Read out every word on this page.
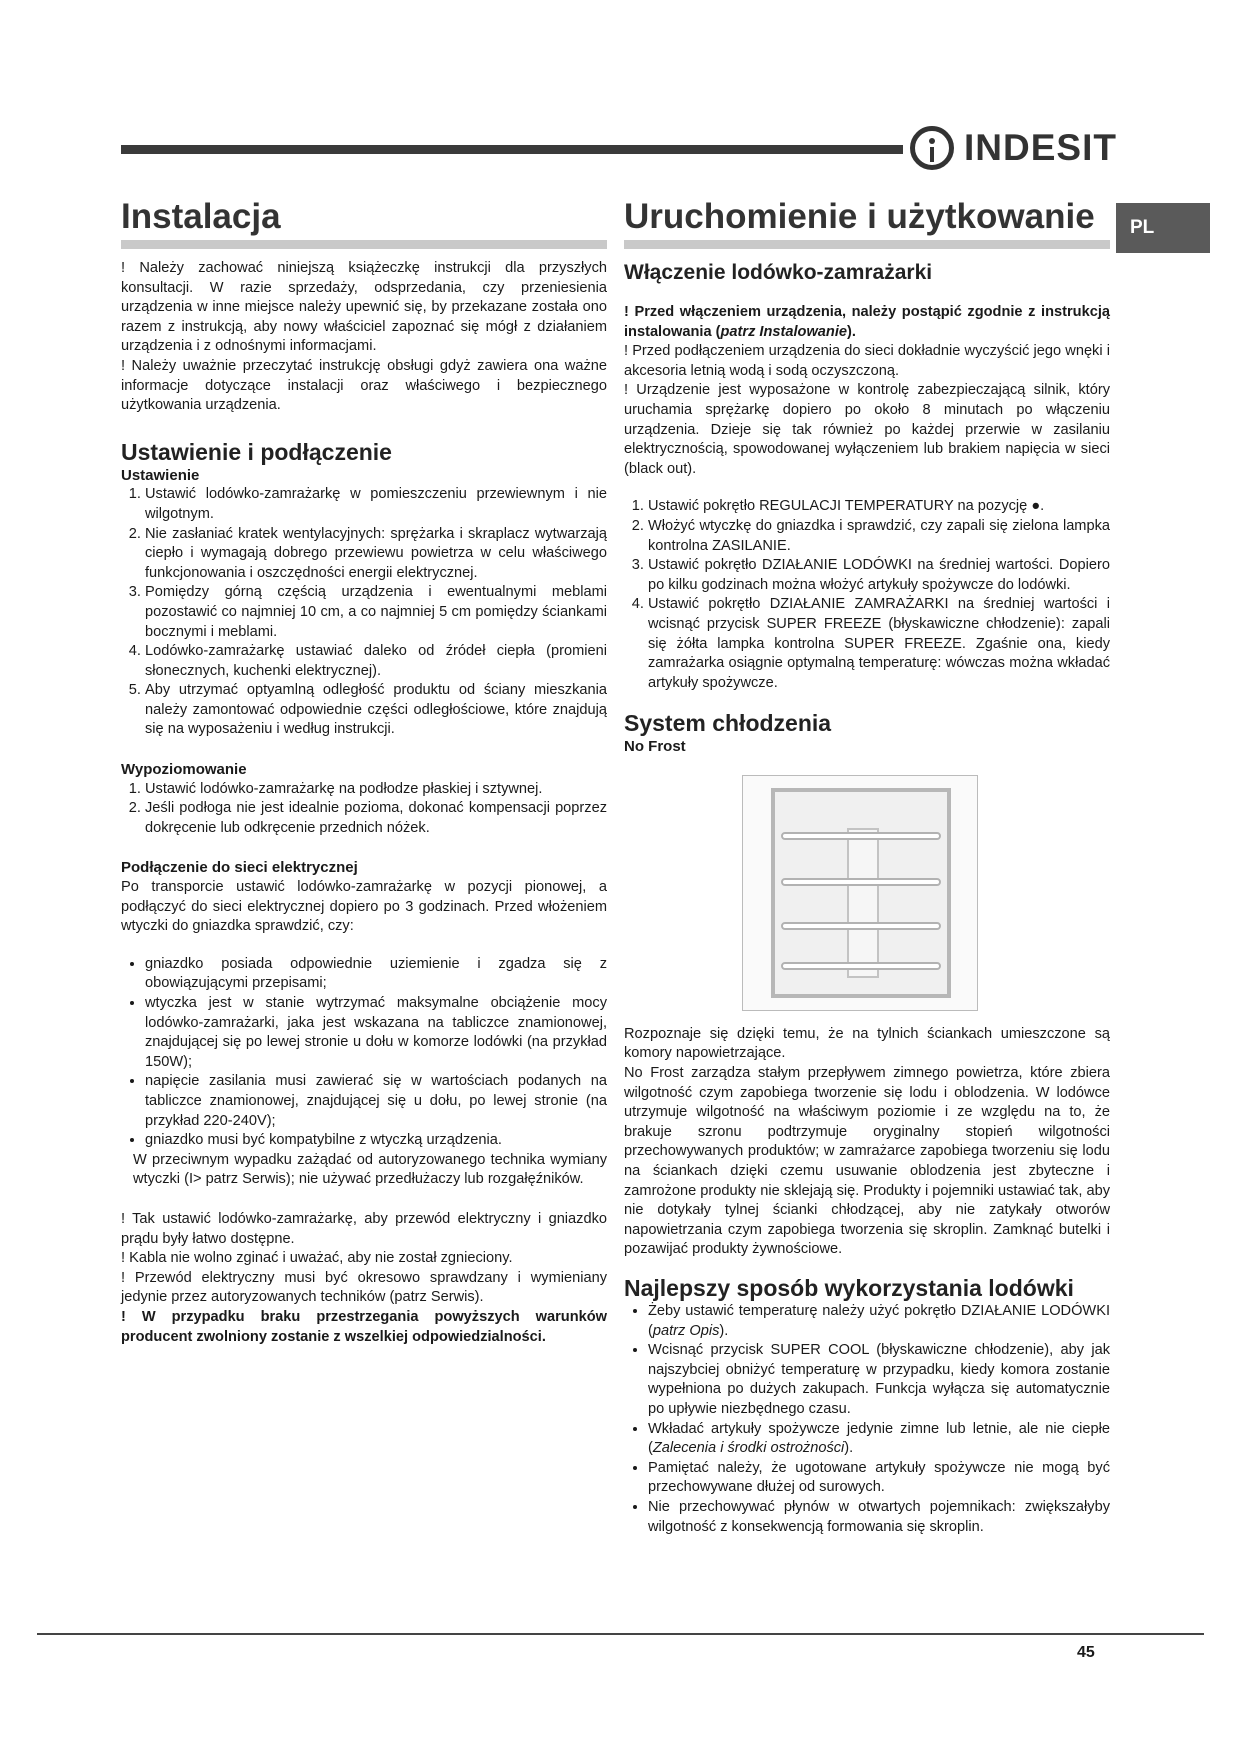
INDESIT
PL
Instalacja

! Należy zachować niniejszą książeczkę instrukcji dla przyszłych konsultacji. W razie sprzedaży, odsprzedania, czy przeniesienia urządzenia w inne miejsce należy upewnić się, by przekazane została ono razem z instrukcją, aby nowy właściciel zapoznać się mógł z działaniem urządzenia i z odnośnymi informacjami.

! Należy uważnie przeczytać instrukcję obsługi gdyż zawiera ona ważne informacje dotyczące instalacji oraz właściwego i bezpiecznego użytkowania urządzenia.

Ustawienie i podłączenie
Ustawienie
1. Ustawić lodówko-zamrażarkę w pomieszczeniu przewiewnym i nie wilgotnym.
2. Nie zasłaniać kratek wentylacyjnych: sprężarka i skraplacz wytwarzają ciepło i wymagają dobrego przewiewu powietrza w celu właściwego funkcjonowania i oszczędności energii elektrycznej.
3. Pomiędzy górną częścią urządzenia i ewentualnymi meblami pozostawić co najmniej 10 cm, a co najmniej 5 cm pomiędzy ściankami bocznymi i meblami.
4. Lodówko-zamrażarkę ustawiać daleko od źródeł ciepła (promieni słonecznych, kuchenki elektrycznej).
5. Aby utrzymać optyamlną odległość produktu od ściany mieszkania należy zamontować odpowiednie części odległościowe, które znajdują się na wyposażeniu i według instrukcji.
Wypoziomowanie
1. Ustawić lodówko-zamrażarkę na podłodze płaskiej i sztywnej.
2. Jeśli podłoga nie jest idealnie pozioma, dokonać kompensacji poprzez dokręcenie lub odkręcenie przednich nóżek.
Podłączenie do sieci elektrycznej

Po transporcie ustawić lodówko-zamrażarkę w pozycji pionowej, a podłączyć do sieci elektrycznej dopiero po 3 godzinach. Przed włożeniem wtyczki do gniazdka sprawdzić, czy:

• gniazdko posiada odpowiednie uziemienie i zgadza się z obowiązującymi przepisami;
• wtyczka jest w stanie wytrzymać maksymalne obciążenie mocy lodówko-zamrażarki, jaka jest wskazana na tabliczce znamionowej, znajdującej się po lewej stronie u dołu w komorze lodówki (na przykład 150W);
• napięcie zasilania musi zawierać się w wartościach podanych na tabliczce znamionowej, znajdującej się u dołu, po lewej stronie (na przykład 220-240V);
• gniazdko musi być kompatybilne z wtyczką urządzenia.

W przeciwnym wypadku zażądać od autoryzowanego technika wymiany wtyczki (I> patrz Serwis); nie używać przedłużaczy lub rozgałęźników.

! Tak ustawić lodówko-zamrażarkę, aby przewód elektryczny i gniazdko prądu były łatwo dostępne.

! Kabla nie wolno zginać i uważać, aby nie został zgnieciony.

! Przewód elektryczny musi być okresowo sprawdzany i wymieniany jedynie przez autoryzowanych techników (patrz Serwis).

! W przypadku braku przestrzegania powyższych warunków producent zwolniony zostanie z wszelkiej odpowiedzialności.

Uruchomienie i użytkowanie
Włączenie lodówko-zamrażarki

! Przed włączeniem urządzenia, należy postąpić zgodnie z instrukcją instalowania (patrz Instalowanie).

! Przed podłączeniem urządzenia do sieci dokładnie wyczyścić jego wnęki i akcesoria letnią wodą i sodą oczyszczoną.

! Urządzenie jest wyposażone w kontrolę zabezpieczającą silnik, który uruchamia sprężarkę dopiero po około 8 minutach po włączeniu urządzenia. Dzieje się tak również po każdej przerwie w zasilaniu elektrycznością, spowodowanej wyłączeniem lub brakiem napięcia w sieci (black out).

1. Ustawić pokrętło REGULACJI TEMPERATURY na pozycję ●.
2. Włożyć wtyczkę do gniazdka i sprawdzić, czy zapali się zielona lampka kontrolna ZASILANIE.
3. Ustawić pokrętło DZIAŁANIE LODÓWKI na średniej wartości. Dopiero po kilku godzinach można włożyć artykuły spożywcze do lodówki.
4. Ustawić pokrętło DZIAŁANIE ZAMRAŻARKI na średniej wartości i wcisnąć przycisk SUPER FREEZE (błyskawiczne chłodzenie): zapali się żółta lampka kontrolna SUPER FREEZE. Zgaśnie ona, kiedy zamrażarka osiągnie optymalną temperaturę: wówczas można wkładać artykuły spożywcze.
System chłodzenia
No Frost

Rozpoznaje się dzięki temu, że na tylnich ściankach umieszczone są komory napowietrzające.

No Frost zarządza stałym przepływem zimnego powietrza, które zbiera wilgotność czym zapobiega tworzenie się lodu i oblodzenia. W lodówce utrzymuje wilgotność na właściwym poziomie i ze względu na to, że brakuje szronu podtrzymuje oryginalny stopień wilgotności przechowywanych produktów; w zamrażarce zapobiega tworzeniu się lodu na ściankach dzięki czemu usuwanie oblodzenia jest zbyteczne i zamrożone produkty nie sklejają się. Produkty i pojemniki ustawiać tak, aby nie dotykały tylnej ścianki chłodzącej, aby nie zatykały otworów napowietrzania czym zapobiega tworzenia się skroplin. Zamknąć butelki i pozawijać produkty żywnościowe.

Najlepszy sposób wykorzystania lodówki
• Żeby ustawić temperaturę należy użyć pokrętło DZIAŁANIE LODÓWKI (patrz Opis).
• Wcisnąć przycisk SUPER COOL (błyskawiczne chłodzenie), aby jak najszybciej obniżyć temperaturę w przypadku, kiedy komora zostanie wypełniona po dużych zakupach. Funkcja wyłącza się automatycznie po upływie niezbędnego czasu.
• Wkładać artykuły spożywcze jedynie zimne lub letnie, ale nie ciepłe (Zalecenia i środki ostrożności).
• Pamiętać należy, że ugotowane artykuły spożywcze nie mogą być przechowywane dłużej od surowych.
• Nie przechowywać płynów w otwartych pojemnikach: zwiększałyby wilgotność z konsekwencją formowania się skroplin.
45
